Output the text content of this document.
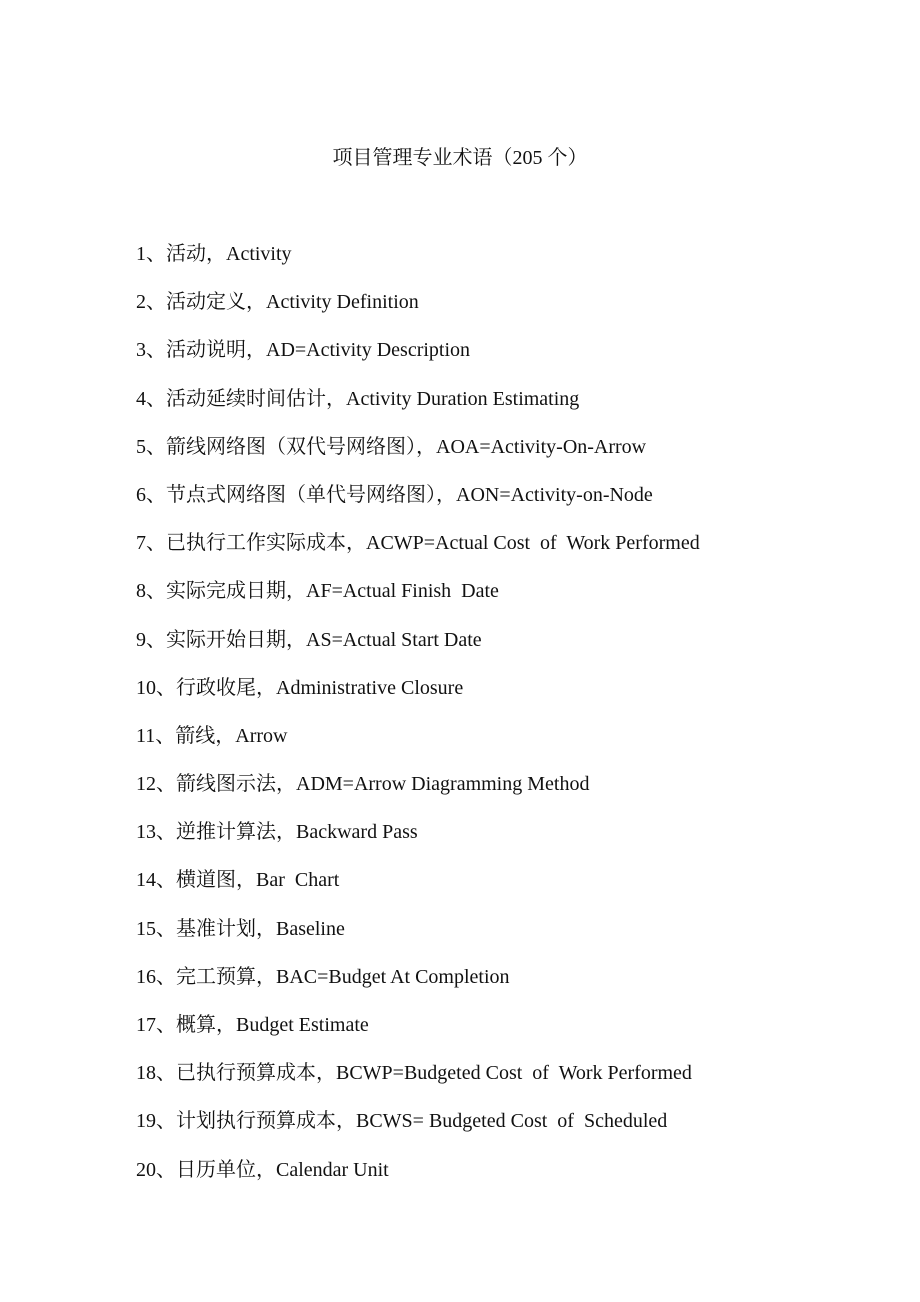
项目管理专业术语（205 个）
1、活动，Activity
2、活动定义，Activity Definition
3、活动说明，AD=Activity Description
4、活动延续时间估计，Activity Duration Estimating
5、箭线网络图（双代号网络图），AOA=Activity-On-Arrow
6、节点式网络图（单代号网络图），AON=Activity-on-Node
7、已执行工作实际成本，ACWP=Actual Cost  of  Work Performed
8、实际完成日期，AF=Actual Finish  Date
9、实际开始日期，AS=Actual Start Date
10、行政收尾，Administrative Closure
11、箭线，Arrow
12、箭线图示法，ADM=Arrow Diagramming Method
13、逆推计算法，Backward Pass
14、横道图，Bar  Chart
15、基准计划，Baseline
16、完工预算，BAC=Budget At Completion
17、概算，Budget Estimate
18、已执行预算成本，BCWP=Budgeted Cost  of  Work Performed
19、计划执行预算成本，BCWS= Budgeted Cost  of  Scheduled
20、日历单位，Calendar Unit
